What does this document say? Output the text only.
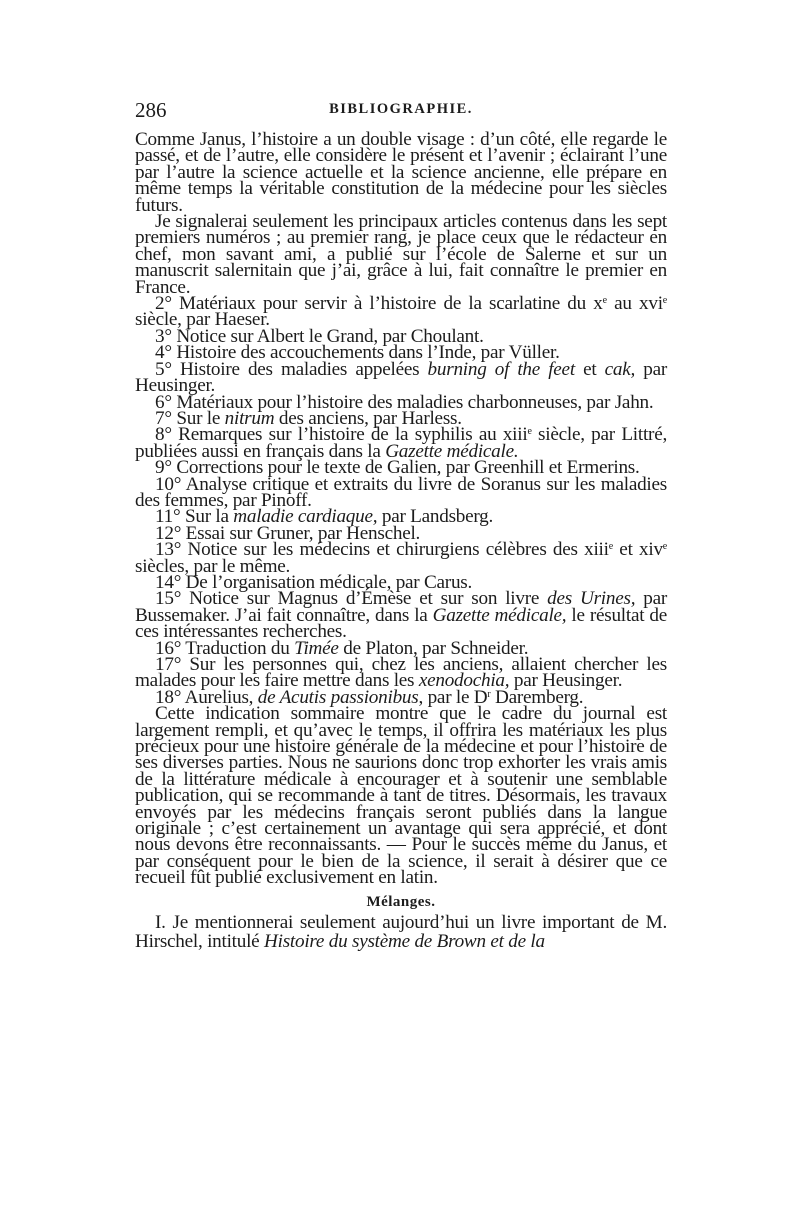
286	BIBLIOGRAPHIE.

Comme Janus, l’histoire a un double visage : d’un côté, elle regarde le passé, et de l’autre, elle considère le présent et l’avenir ; éclairant l’une par l’autre la science actuelle et la science ancienne, elle prépare en même temps la véritable constitution de la médecine pour les siècles futurs.

Je signalerai seulement les principaux articles contenus dans les sept premiers numéros ; au premier rang, je place ceux que le rédacteur en chef, mon savant ami, a publié sur l’école de Salerne et sur un manuscrit salernitain que j’ai, grâce à lui, fait connaître le premier en France.

2° Matériaux pour servir à l’histoire de la scarlatine du $x^e$ au xvi$^e$ siècle, par Haeser.

3° Notice sur Albert le Grand, par Choulant.

4° Histoire des accouchements dans l’Inde, par Vüller.

5° Histoire des maladies appelées burning of the feet et cak, par Heusinger.

6° Matériaux pour l’histoire des maladies charbonneuses, par Jahn.

7° Sur le nitrum des anciens, par Harless.

8° Remarques sur l’histoire de la syphilis au xiii$^e$ siècle, par Littré, publiées aussi en français dans la Gazette médicale.

9° Corrections pour le texte de Galien, par Greenhill et Ermerins.

10° Analyse critique et extraits du livre de Soranus sur les maladies des femmes, par Pinoff.

11° Sur la maladie cardiaque, par Landsberg.

12° Essai sur Gruner, par Henschel.

13° Notice sur les médecins et chirurgiens célèbres des xiii$^e$ et xiv$^e$ siècles, par le même.

14° De l’organisation médicale, par Carus.

15° Notice sur Magnus d’Émèse et sur son livre des Urines, par Bussemaker. J’ai fait connaître, dans la Gazette médicale, le résultat de ces intéressantes recherches.

16° Traduction du Timée de Platon, par Schneider.

17° Sur les personnes qui, chez les anciens, allaient chercher les malades pour les faire mettre dans les xenodochia, par Heusinger.

18° Aurelius, de Acutis passionibus, par le $D^r$ Daremberg.

Cette indication sommaire montre que le cadre du journal est largement rempli, et qu’avec le temps, il offrira les matériaux les plus précieux pour une histoire générale de la médecine et pour l’histoire de ses diverses parties. Nous ne saurions donc trop exhorter les vrais amis de la littérature médicale à encourager et à soutenir une semblable publication, qui se recommande à tant de titres. Désormais, les travaux envoyés par les médecins français seront publiés dans la langue originale ; c’est certainement un avantage qui sera apprécié, et dont nous devons être reconnaissants. — Pour le succès même du Janus, et par conséquent pour le bien de la science, il serait à désirer que ce recueil fût publié exclusivement en latin.

Mélanges.

I. Je mentionnerai seulement aujourd’hui un livre important de M. Hirschel, intitulé Histoire du système de Brown et de la
